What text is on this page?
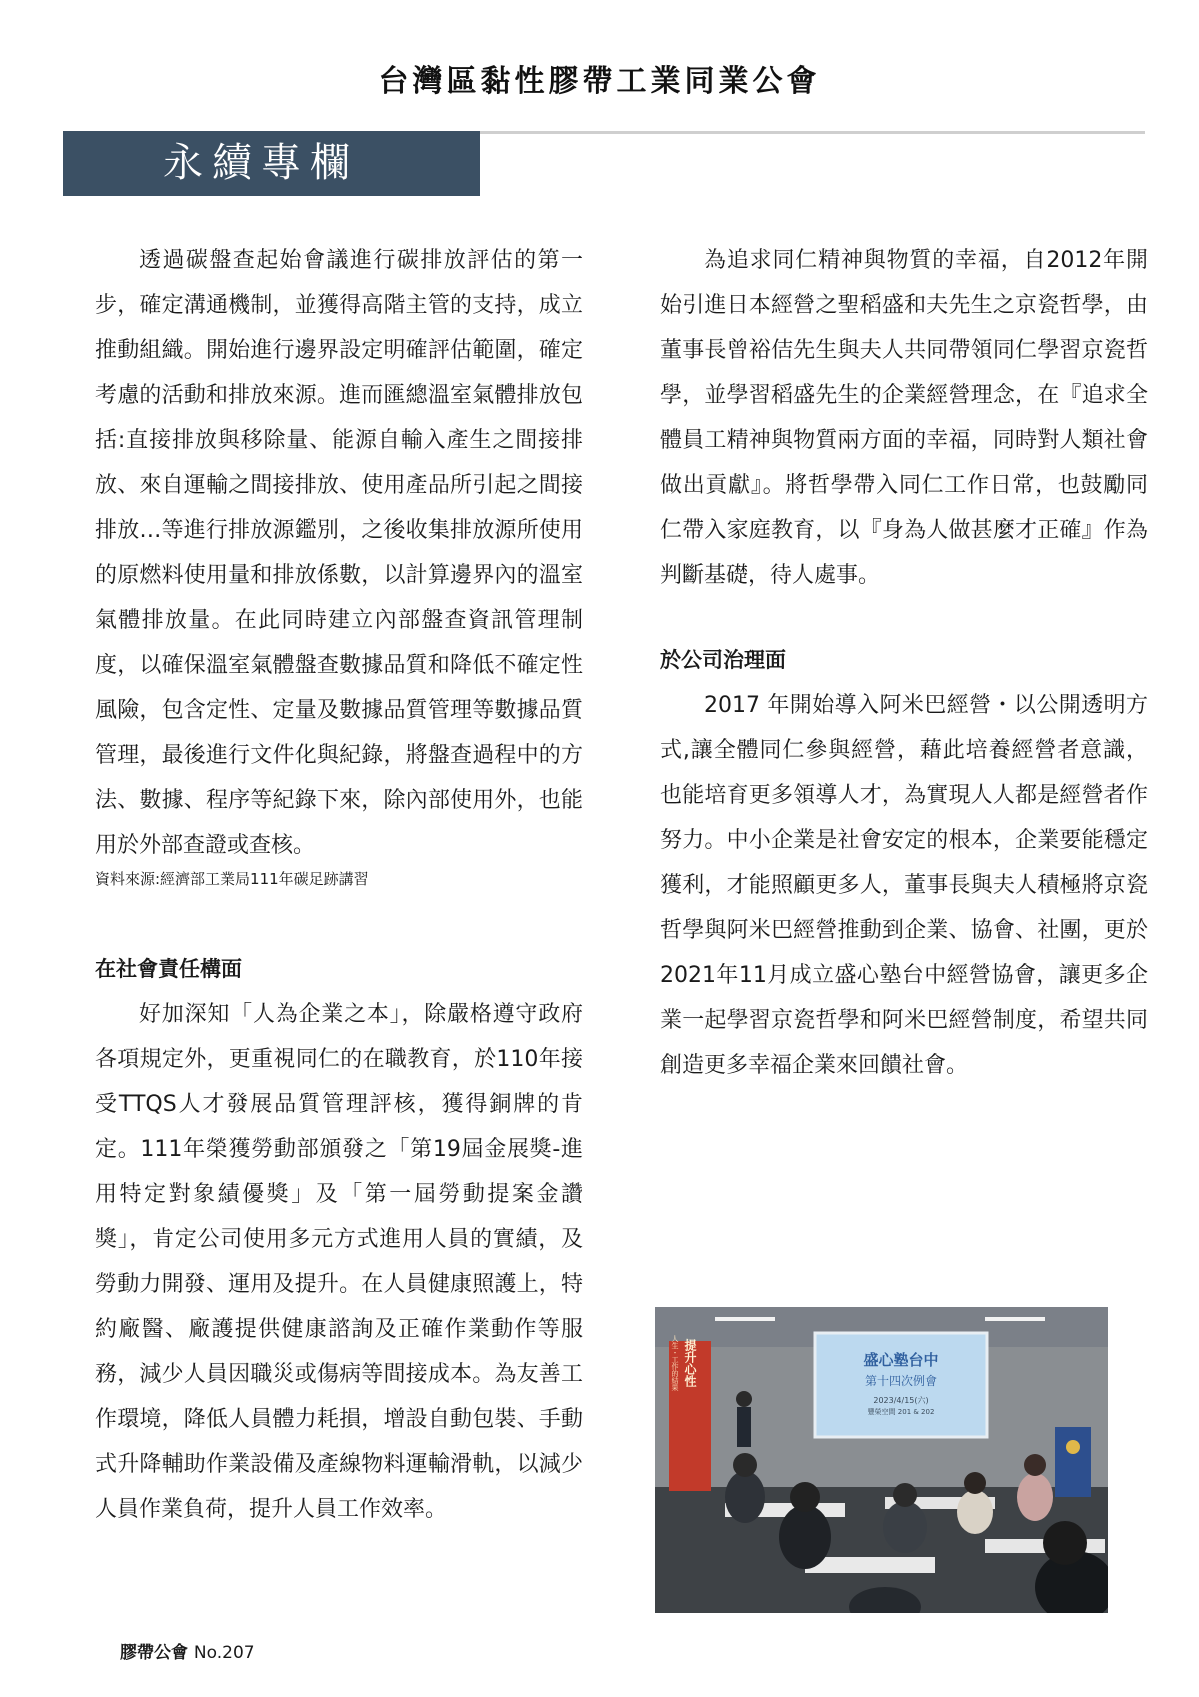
台灣區黏性膠帶工業同業公會
永續專欄

透過碳盤查起始會議進行碳排放評估的第一步，確定溝通機制，並獲得高階主管的支持，成立推動組織。開始進行邊界設定明確評估範圍，確定考慮的活動和排放來源。進而匯總溫室氣體排放包括:直接排放與移除量、能源自輸入產生之間接排放、來自運輸之間接排放、使用產品所引起之間接排放…等進行排放源鑑別，之後收集排放源所使用的原燃料使用量和排放係數，以計算邊界內的溫室氣體排放量。在此同時建立內部盤查資訊管理制度，以確保溫室氣體盤查數據品質和降低不確定性風險，包含定性、定量及數據品質管理等數據品質管理，最後進行文件化與紀錄，將盤查過程中的方法、數據、程序等紀錄下來，除內部使用外，也能用於外部查證或查核。

資料來源:經濟部工業局111年碳足跡講習
在社會責任構面

好加深知「人為企業之本」，除嚴格遵守政府各項規定外，更重視同仁的在職教育，於110年接受TTQS人才發展品質管理評核，獲得銅牌的肯定。111年榮獲勞動部頒發之「第19屆金展獎-進用特定對象績優獎」及「第一屆勞動提案金讚獎」，肯定公司使用多元方式進用人員的實績，及勞動力開發、運用及提升。在人員健康照護上，特約廠醫、廠護提供健康諮詢及正確作業動作等服務，減少人員因職災或傷病等間接成本。為友善工作環境，降低人員體力耗損，增設自動包裝、手動式升降輔助作業設備及產線物料運輸滑軌，以減少人員作業負荷，提升人員工作效率。

為追求同仁精神與物質的幸福，自2012年開始引進日本經營之聖稻盛和夫先生之京瓷哲學，由董事長曾裕佶先生與夫人共同帶領同仁學習京瓷哲學，並學習稻盛先生的企業經營理念，在『追求全體員工精神與物質兩方面的幸福，同時對人類社會做出貢獻』。將哲學帶入同仁工作日常，也鼓勵同仁帶入家庭教育，以『身為人做甚麼才正確』作為判斷基礎，待人處事。

於公司治理面

2017 年開始導入阿米巴經營・以公開透明方式,讓全體同仁參與經營，藉此培養經營者意識，也能培育更多領導人才，為實現人人都是經營者作努力。中小企業是社會安定的根本，企業要能穩定獲利，才能照顧更多人，董事長與夫人積極將京瓷哲學與阿米巴經營推動到企業、協會、社團，更於2021年11月成立盛心塾台中經營協會，讓更多企業一起學習京瓷哲學和阿米巴經營制度，希望共同創造更多幸福企業來回饋社會。

盛心塾台中
第十四次例會
2023/4/15(六)
豐榮空間 201 & 202
提升心性
人生・工作的結果
膠帶公會 No.207
